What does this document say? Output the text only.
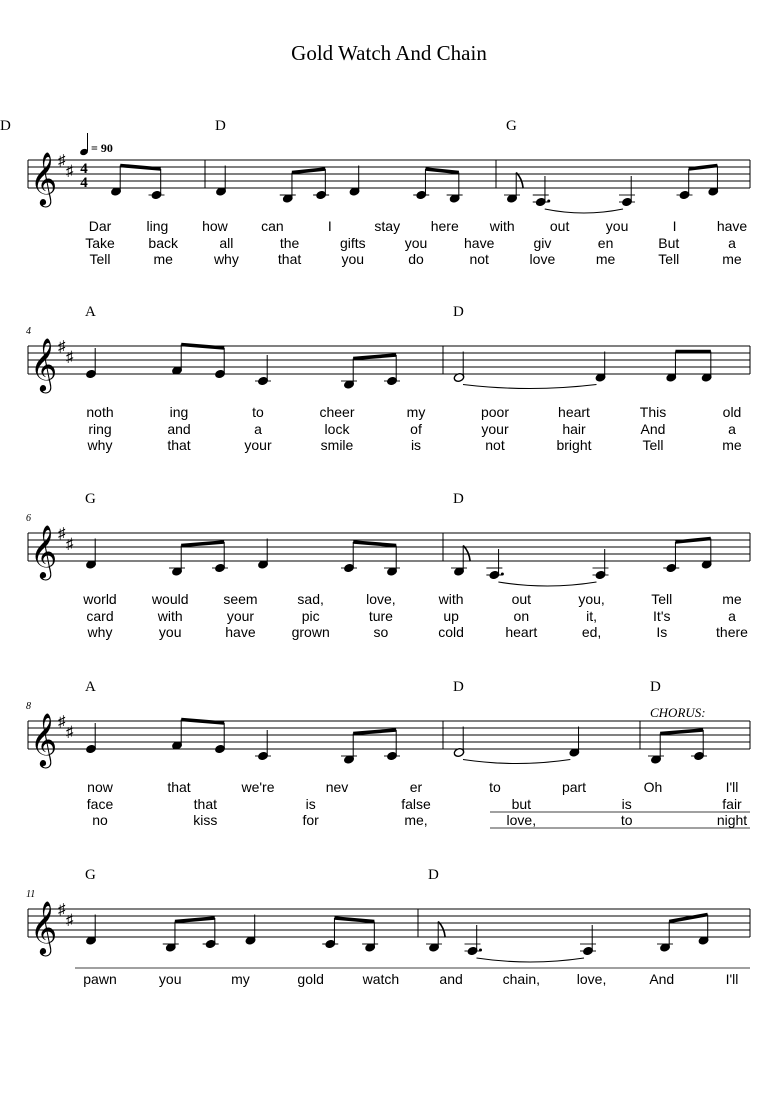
Gold Watch And Chain
𝄞 ♯
♯ 4
4
= 90
D	G
D
Dar	ling how can	I	stay here with	out	you	I	have
Take back	all	the	gifts	you	have	giv	en	But	a
Tell	me	why	that	you	do	not	love	me	Tell	me
𝄞 ♯
♯
4
A	D
noth	ing	to	cheer	my	poor	heart	This	old
ring	and	a	lock	of	your	hair	And	a
why	that	your	smile	is	not	bright	Tell	me
𝄞 ♯
♯
6
G	D
world	would seem	sad,	love,	with	out	you,	Tell	me
card	with	your	pic	ture	up	on	it,	It's	a
why	you	have	grown	so	cold	heart	ed,	Is	there
𝄞 ♯
♯
8	CHORUS:
A	D	D
now	that	we're	nev	er	to	part	Oh	I'll
face	that	is	false	but	is	fair
no	kiss	for	me,	love,	to	night
𝄞 ♯
♯
11
G	D
pawn	you	my	gold	watch	and	chain,	love,	And	I'll
